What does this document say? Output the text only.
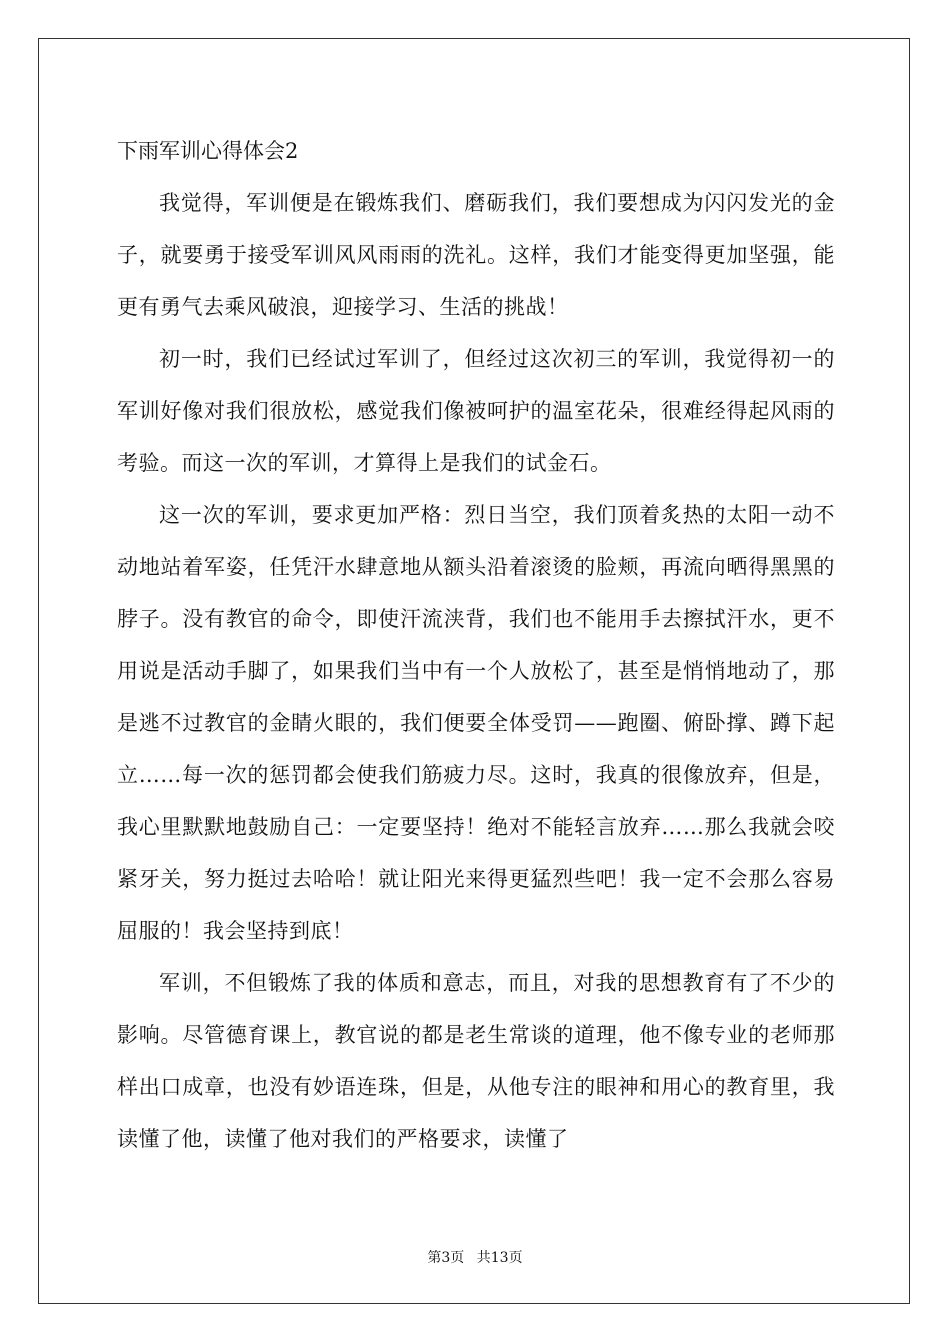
下雨军训心得体会2

我觉得，军训便是在锻炼我们、磨砺我们，我们要想成为闪闪发光的金子，就要勇于接受军训风风雨雨的洗礼。这样，我们才能变得更加坚强，能更有勇气去乘风破浪，迎接学习、生活的挑战！

初一时，我们已经试过军训了，但经过这次初三的军训，我觉得初一的军训好像对我们很放松，感觉我们像被呵护的温室花朵，很难经得起风雨的考验。而这一次的军训，才算得上是我们的试金石。

这一次的军训，要求更加严格：烈日当空，我们顶着炙热的太阳一动不动地站着军姿，任凭汗水肆意地从额头沿着滚烫的脸颊，再流向晒得黑黑的脖子。没有教官的命令，即使汗流浃背，我们也不能用手去擦拭汗水，更不用说是活动手脚了，如果我们当中有一个人放松了，甚至是悄悄地动了，那是逃不过教官的金睛火眼的，我们便要全体受罚——跑圈、俯卧撑、蹲下起立……每一次的惩罚都会使我们筋疲力尽。这时，我真的很像放弃，但是，我心里默默地鼓励自己：一定要坚持！绝对不能轻言放弃……那么我就会咬紧牙关，努力挺过去哈哈！就让阳光来得更猛烈些吧！我一定不会那么容易屈服的！我会坚持到底！

军训，不但锻炼了我的体质和意志，而且，对我的思想教育有了不少的影响。尽管德育课上，教官说的都是老生常谈的道理，他不像专业的老师那样出口成章，也没有妙语连珠，但是，从他专注的眼神和用心的教育里，我读懂了他，读懂了他对我们的严格要求，读懂了

第3页 共13页
